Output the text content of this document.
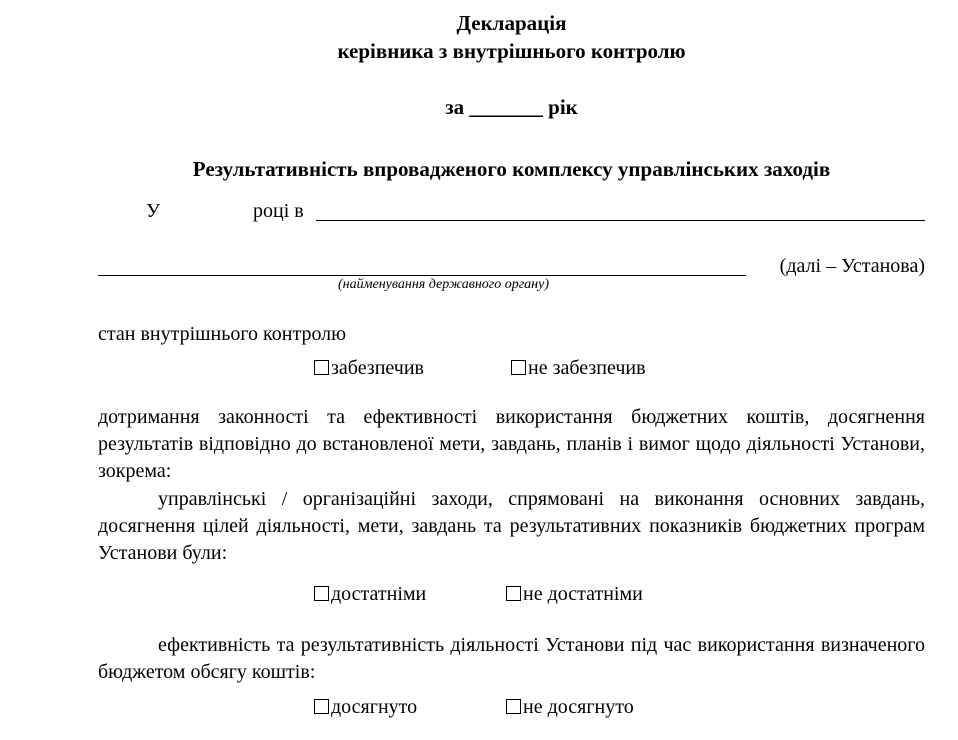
Декларація
керівника з внутрішнього контролю
за _______ рік
Результативність впровадженого комплексу управлінських заходів
У	році в
(далі – Установа)
(найменування державного органу)
стан внутрішнього контролю
забезпечив	не забезпечив
дотримання законності та ефективності використання бюджетних коштів, досягнення результатів відповідно до встановленої мети, завдань, планів і вимог щодо діяльності Установи, зокрема:
управлінські / організаційні заходи, спрямовані на виконання основних завдань, досягнення цілей діяльності, мети, завдань та результативних показників бюджетних програм Установи були:
достатніми	не достатніми
ефективність та результативність діяльності Установи під час використання визначеного бюджетом обсягу коштів:
досягнуто	не досягнуто
